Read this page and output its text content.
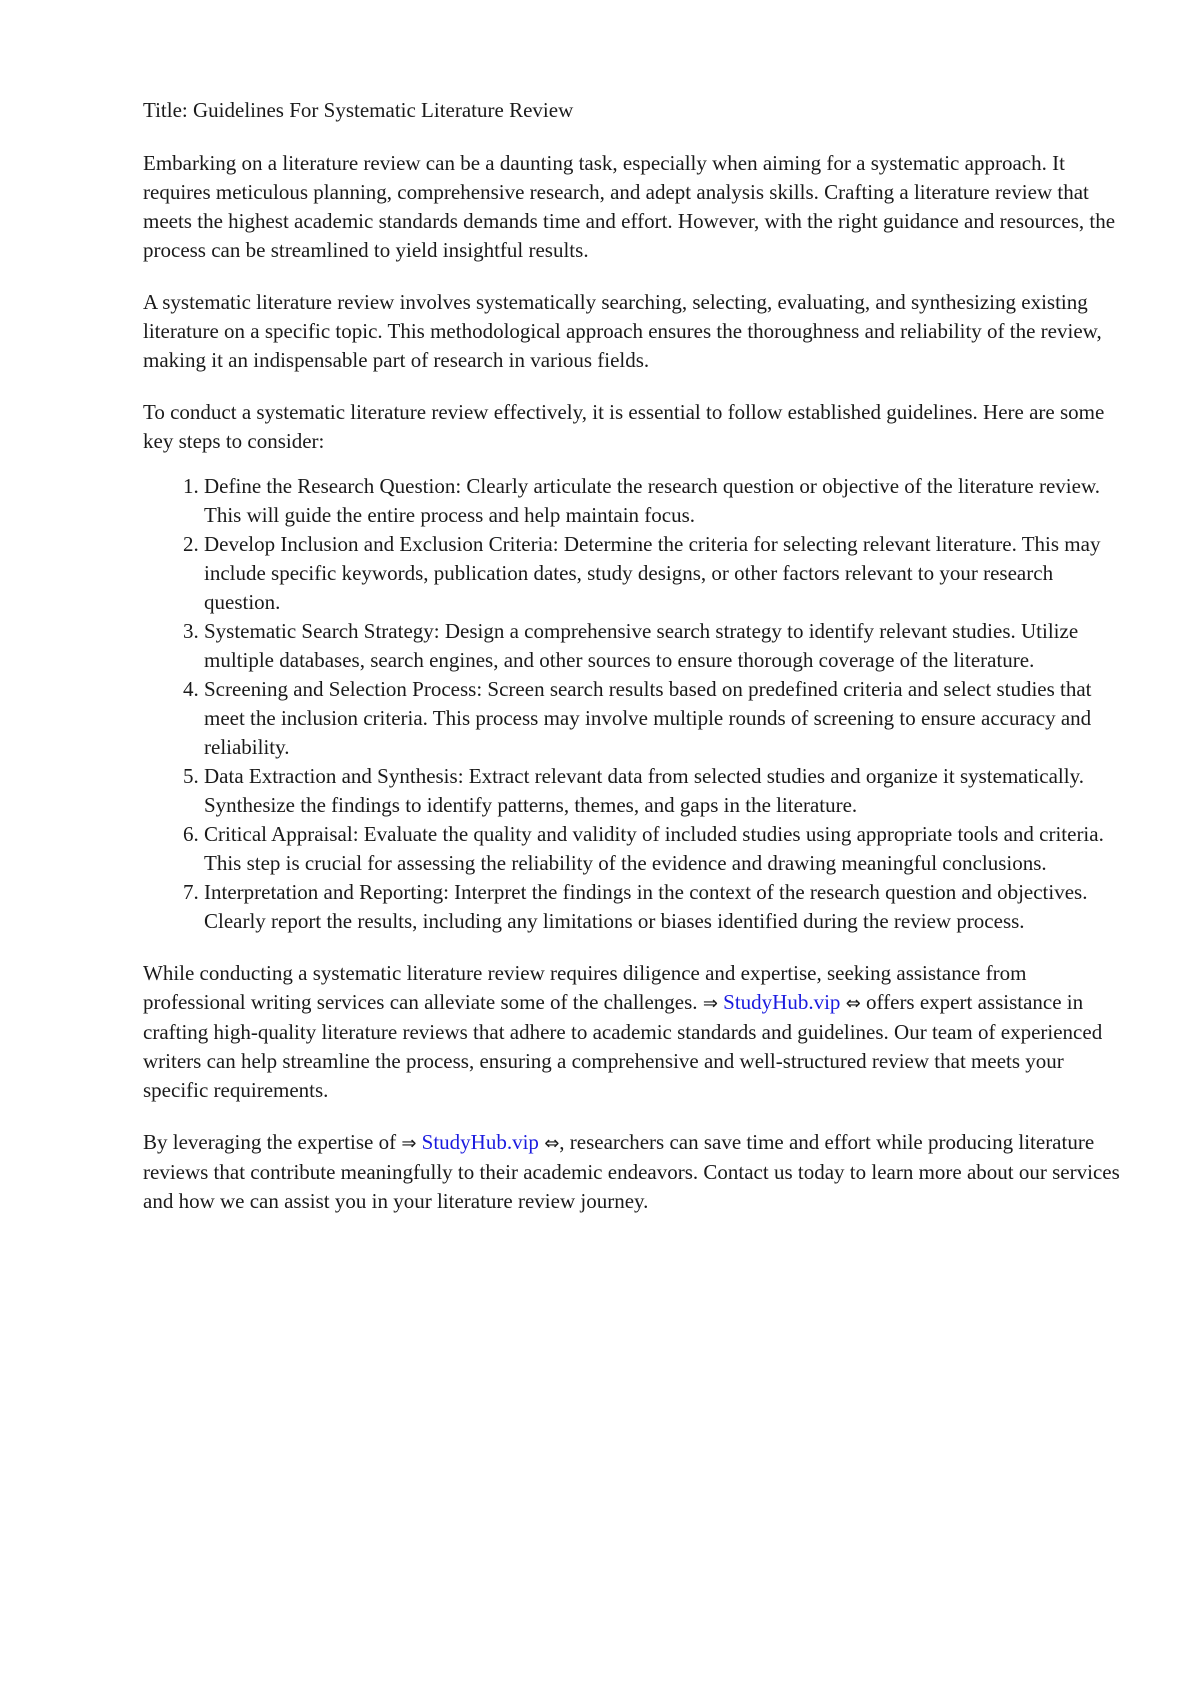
Title: Guidelines For Systematic Literature Review

Embarking on a literature review can be a daunting task, especially when aiming for a systematic approach. It requires meticulous planning, comprehensive research, and adept analysis skills. Crafting a literature review that meets the highest academic standards demands time and effort. However, with the right guidance and resources, the process can be streamlined to yield insightful results.

A systematic literature review involves systematically searching, selecting, evaluating, and synthesizing existing literature on a specific topic. This methodological approach ensures the thoroughness and reliability of the review, making it an indispensable part of research in various fields.

To conduct a systematic literature review effectively, it is essential to follow established guidelines. Here are some key steps to consider:

1. Define the Research Question: Clearly articulate the research question or objective of the literature review. This will guide the entire process and help maintain focus.
2. Develop Inclusion and Exclusion Criteria: Determine the criteria for selecting relevant literature. This may include specific keywords, publication dates, study designs, or other factors relevant to your research question.
3. Systematic Search Strategy: Design a comprehensive search strategy to identify relevant studies. Utilize multiple databases, search engines, and other sources to ensure thorough coverage of the literature.
4. Screening and Selection Process: Screen search results based on predefined criteria and select studies that meet the inclusion criteria. This process may involve multiple rounds of screening to ensure accuracy and reliability.
5. Data Extraction and Synthesis: Extract relevant data from selected studies and organize it systematically. Synthesize the findings to identify patterns, themes, and gaps in the literature.
6. Critical Appraisal: Evaluate the quality and validity of included studies using appropriate tools and criteria. This step is crucial for assessing the reliability of the evidence and drawing meaningful conclusions.
7. Interpretation and Reporting: Interpret the findings in the context of the research question and objectives. Clearly report the results, including any limitations or biases identified during the review process.

While conducting a systematic literature review requires diligence and expertise, seeking assistance from professional writing services can alleviate some of the challenges. ⇒ StudyHub.vip ⇔ offers expert assistance in crafting high-quality literature reviews that adhere to academic standards and guidelines. Our team of experienced writers can help streamline the process, ensuring a comprehensive and well-structured review that meets your specific requirements.

By leveraging the expertise of ⇒ StudyHub.vip ⇔, researchers can save time and effort while producing literature reviews that contribute meaningfully to their academic endeavors. Contact us today to learn more about our services and how we can assist you in your literature review journey.
